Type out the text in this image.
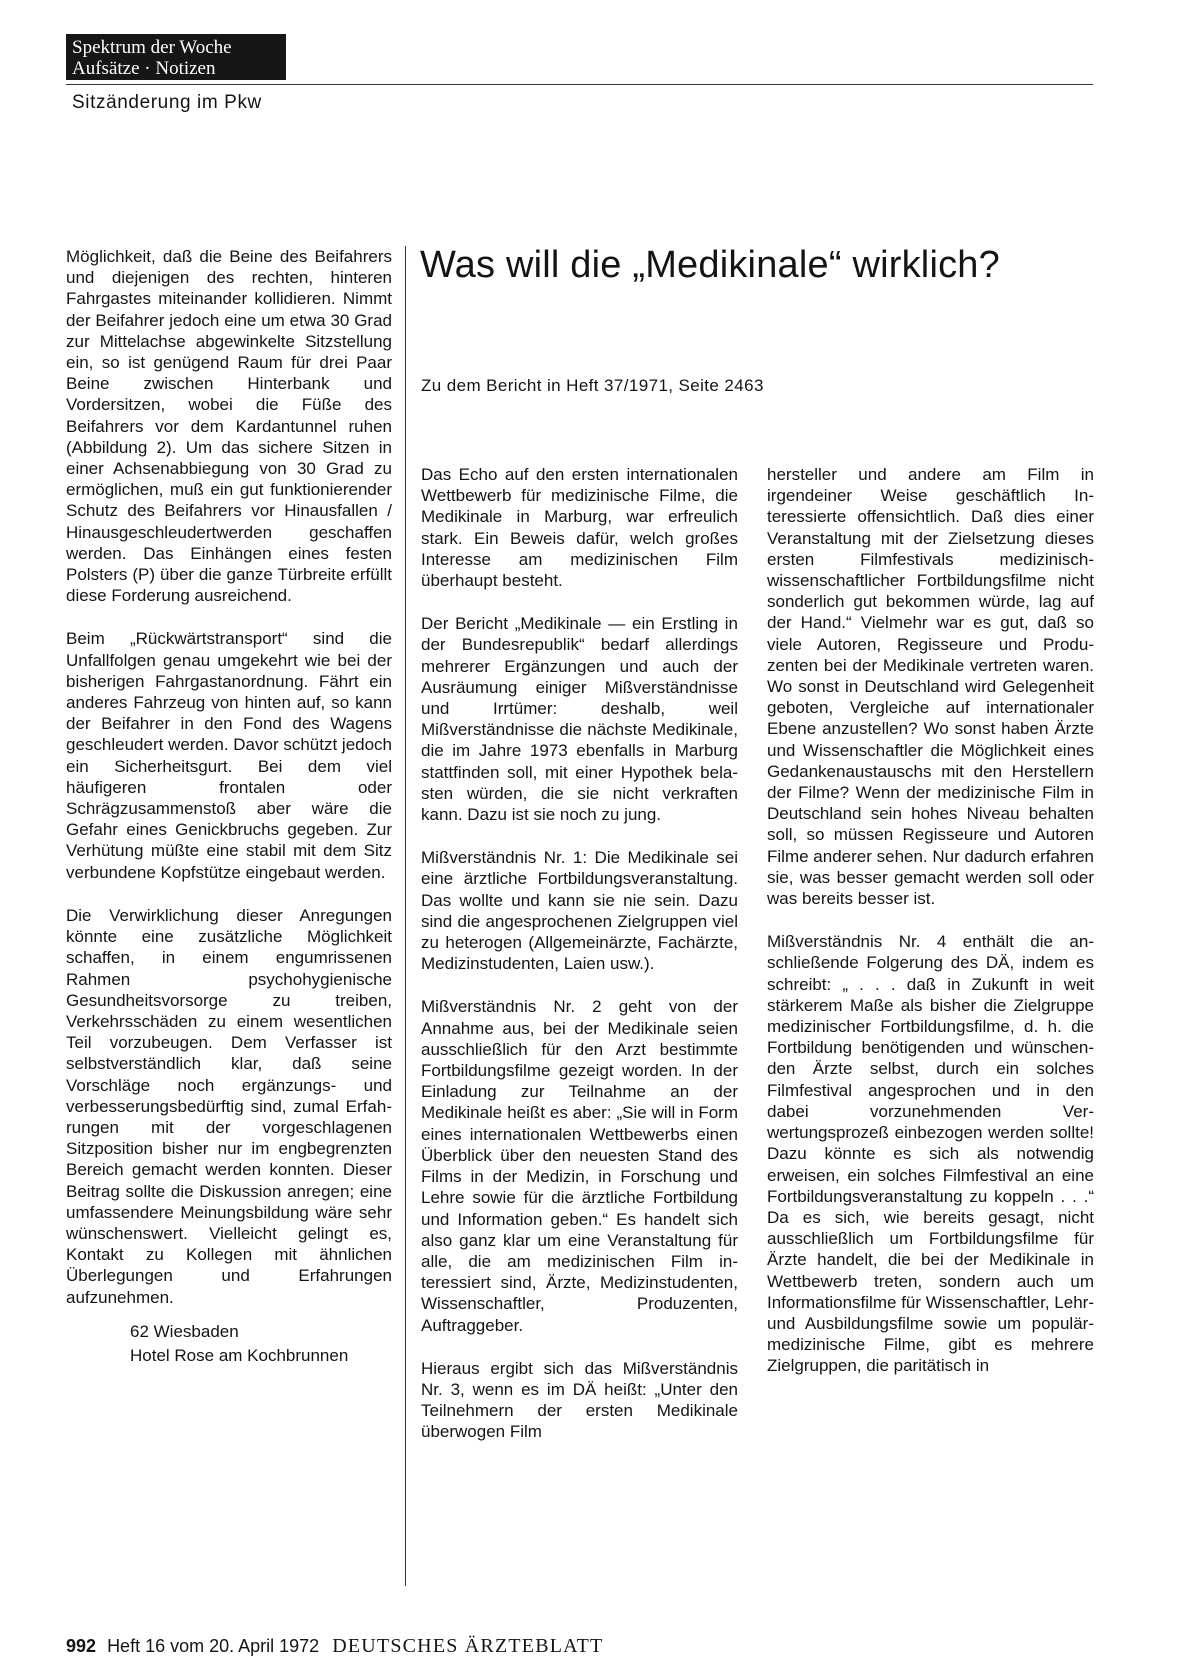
Spektrum der Woche
Aufsätze · Notizen
Sitzänderung im Pkw

Möglichkeit, daß die Beine des Beifahrers und diejenigen des rechten, hinteren Fahrgastes miteinander kollidieren. Nimmt der Beifahrer jedoch eine um etwa 30 Grad zur Mittelachse abgewinkelte Sitzstellung ein, so ist genügend Raum für drei Paar Beine zwischen Hinterbank und Vordersitzen, wobei die Füße des Beifahrers vor dem Kardantunnel ruhen (Abbildung 2). Um das sichere Sitzen in einer Achsenabbiegung von 30 Grad zu ermöglichen, muß ein gut funktionierender Schutz des Beifahrers vor Hinausfallen / Hinausgeschleudertwerden geschaffen werden. Das Einhängen eines festen Polsters (P) über die ganze Türbreite erfüllt diese Forderung ausreichend.

Beim „Rückwärtstransport“ sind die Unfallfolgen genau umgekehrt wie bei der bisherigen Fahrgastanordnung. Fährt ein anderes Fahrzeug von hinten auf, so kann der Beifahrer in den Fond des Wagens geschleudert werden. Davor schützt jedoch ein Sicherheitsgurt. Bei dem viel häufigeren frontalen oder Schrägzusammenstoß aber wäre die Gefahr eines Genickbruchs gegeben. Zur Verhütung müßte eine stabil mit dem Sitz verbundene Kopfstütze eingebaut werden.

Die Verwirklichung dieser Anregungen könnte eine zusätzliche Möglichkeit schaffen, in einem engumrissenen Rahmen psychohygienische Gesundheitsvorsorge zu treiben, Verkehrsschäden zu einem wesentlichen Teil vorzubeugen. Dem Verfasser ist selbstverständlich klar, daß seine Vorschläge noch ergänzungs- und verbesserungsbedürftig sind, zumal Erfahrungen mit der vorgeschlagenen Sitzposition bisher nur im engbegrenzten Bereich gemacht werden konnten. Dieser Beitrag sollte die Diskussion anregen; eine umfassendere Meinungsbildung wäre sehr wünschenswert. Vielleicht gelingt es, Kontakt zu Kollegen mit ähnlichen Überlegungen und Erfahrungen aufzunehmen.

62 Wiesbaden
Hotel Rose am Kochbrunnen
Was will die „Medikinale“ wirklich?
Zu dem Bericht in Heft 37/1971, Seite 2463

Das Echo auf den ersten internationalen Wettbewerb für medizinische Filme, die Medikinale in Marburg, war erfreulich stark. Ein Beweis dafür, welch großes Interesse am medizinischen Film überhaupt besteht.

Der Bericht „Medikinale — ein Erstling in der Bundesrepublik“ bedarf allerdings mehrerer Ergänzungen und auch der Ausräumung einiger Mißverständnisse und Irrtümer: deshalb, weil Mißverständnisse die nächste Medikinale, die im Jahre 1973 ebenfalls in Marburg stattfinden soll, mit einer Hypothek belasten würden, die sie nicht verkraften kann. Dazu ist sie noch zu jung.

Mißverständnis Nr. 1: Die Medikinale sei eine ärztliche Fortbildungsveranstaltung. Das wollte und kann sie nie sein. Dazu sind die angesprochenen Zielgruppen viel zu heterogen (Allgemeinärzte, Fachärzte, Medizinstudenten, Laien usw.).

Mißverständnis Nr. 2 geht von der Annahme aus, bei der Medikinale seien ausschließlich für den Arzt bestimmte Fortbildungsfilme gezeigt worden. In der Einladung zur Teilnahme an der Medikinale heißt es aber: „Sie will in Form eines internationalen Wettbewerbs einen Überblick über den neuesten Stand des Films in der Medizin, in Forschung und Lehre sowie für die ärztliche Fortbildung und Information geben.“ Es handelt sich also ganz klar um eine Veranstaltung für alle, die am medizinischen Film interessiert sind, Ärzte, Medizinstudenten, Wissenschaftler, Produzenten, Auftraggeber.

Hieraus ergibt sich das Mißverständnis Nr. 3, wenn es im DÄ heißt: „Unter den Teilnehmern der ersten Medikinale überwogen Film

hersteller und andere am Film in irgendeiner Weise geschäftlich Interessierte offensichtlich. Daß dies einer Veranstaltung mit der Zielsetzung dieses ersten Filmfestivals medizinisch-wissenschaftlicher Fortbildungsfilme nicht sonderlich gut bekommen würde, lag auf der Hand.“ Vielmehr war es gut, daß so viele Autoren, Regisseure und Produzenten bei der Medikinale vertreten waren. Wo sonst in Deutschland wird Gelegenheit geboten, Vergleiche auf internationaler Ebene anzustellen? Wo sonst haben Ärzte und Wissenschaftler die Möglichkeit eines Gedankenaustauschs mit den Herstellern der Filme? Wenn der medizinische Film in Deutschland sein hohes Niveau behalten soll, so müssen Regisseure und Autoren Filme anderer sehen. Nur dadurch erfahren sie, was besser gemacht werden soll oder was bereits besser ist.

Mißverständnis Nr. 4 enthält die anschließende Folgerung des DÄ, indem es schreibt: „ . . . daß in Zukunft in weit stärkerem Maße als bisher die Zielgruppe medizinischer Fortbildungsfilme, d. h. die Fortbildung benötigenden und wünschenden Ärzte selbst, durch ein solches Filmfestival angesprochen und in den dabei vorzunehmenden Verwertungsprozeß einbezogen werden sollte! Dazu könnte es sich als notwendig erweisen, ein solches Filmfestival an eine Fortbildungsveranstaltung zu koppeln . . .“ Da es sich, wie bereits gesagt, nicht ausschließlich um Fortbildungsfilme für Ärzte handelt, die bei der Medikinale in Wettbewerb treten, sondern auch um Informationsfilme für Wissenschaftler, Lehr- und Ausbildungsfilme sowie um populärmedizinische Filme, gibt es mehrere Zielgruppen, die paritätisch in

992 Heft 16 vom 20. April 1972 DEUTSCHES ÄRZTEBLATT
